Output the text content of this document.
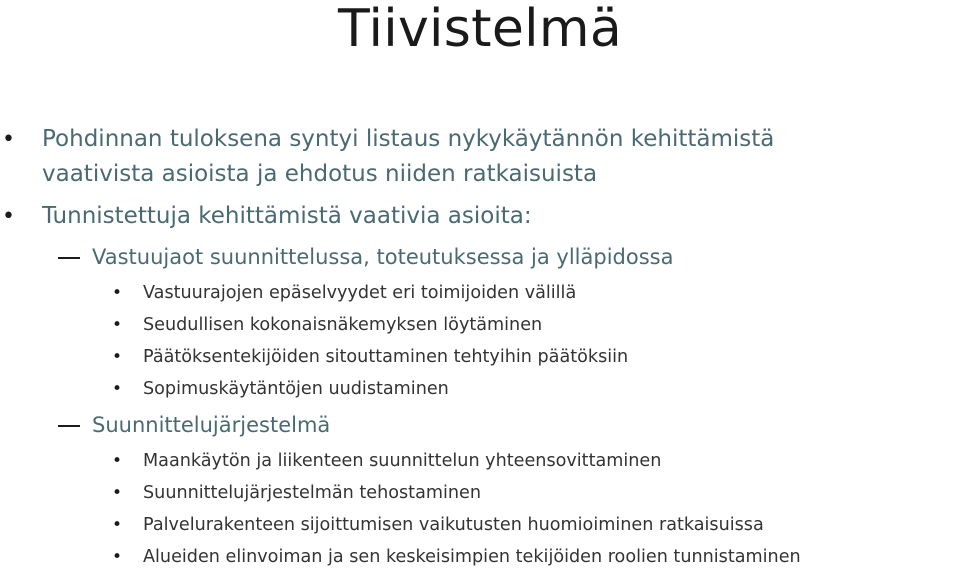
Tiivistelmä
• Pohdinnan tuloksena syntyi listaus nykykäytännön kehittämistä
vaativista asioista ja ehdotus niiden ratkaisuista
• Tunnistettuja kehittämistä vaativia asioita:
Vastuujaot suunnittelussa, toteutuksessa ja ylläpidossa
• Vastuurajojen epäselvyydet eri toimijoiden välillä
• Seudullisen kokonaisnäkemyksen löytäminen
• Päätöksentekijöiden sitouttaminen tehtyihin päätöksiin
• Sopimuskäytäntöjen uudistaminen
Suunnittelujärjestelmä
• Maankäytön ja liikenteen suunnittelun yhteensovittaminen
• Suunnittelujärjestelmän tehostaminen
• Palvelurakenteen sijoittumisen vaikutusten huomioiminen ratkaisuissa
• Alueiden elinvoiman ja sen keskeisimpien tekijöiden roolien tunnistaminen
